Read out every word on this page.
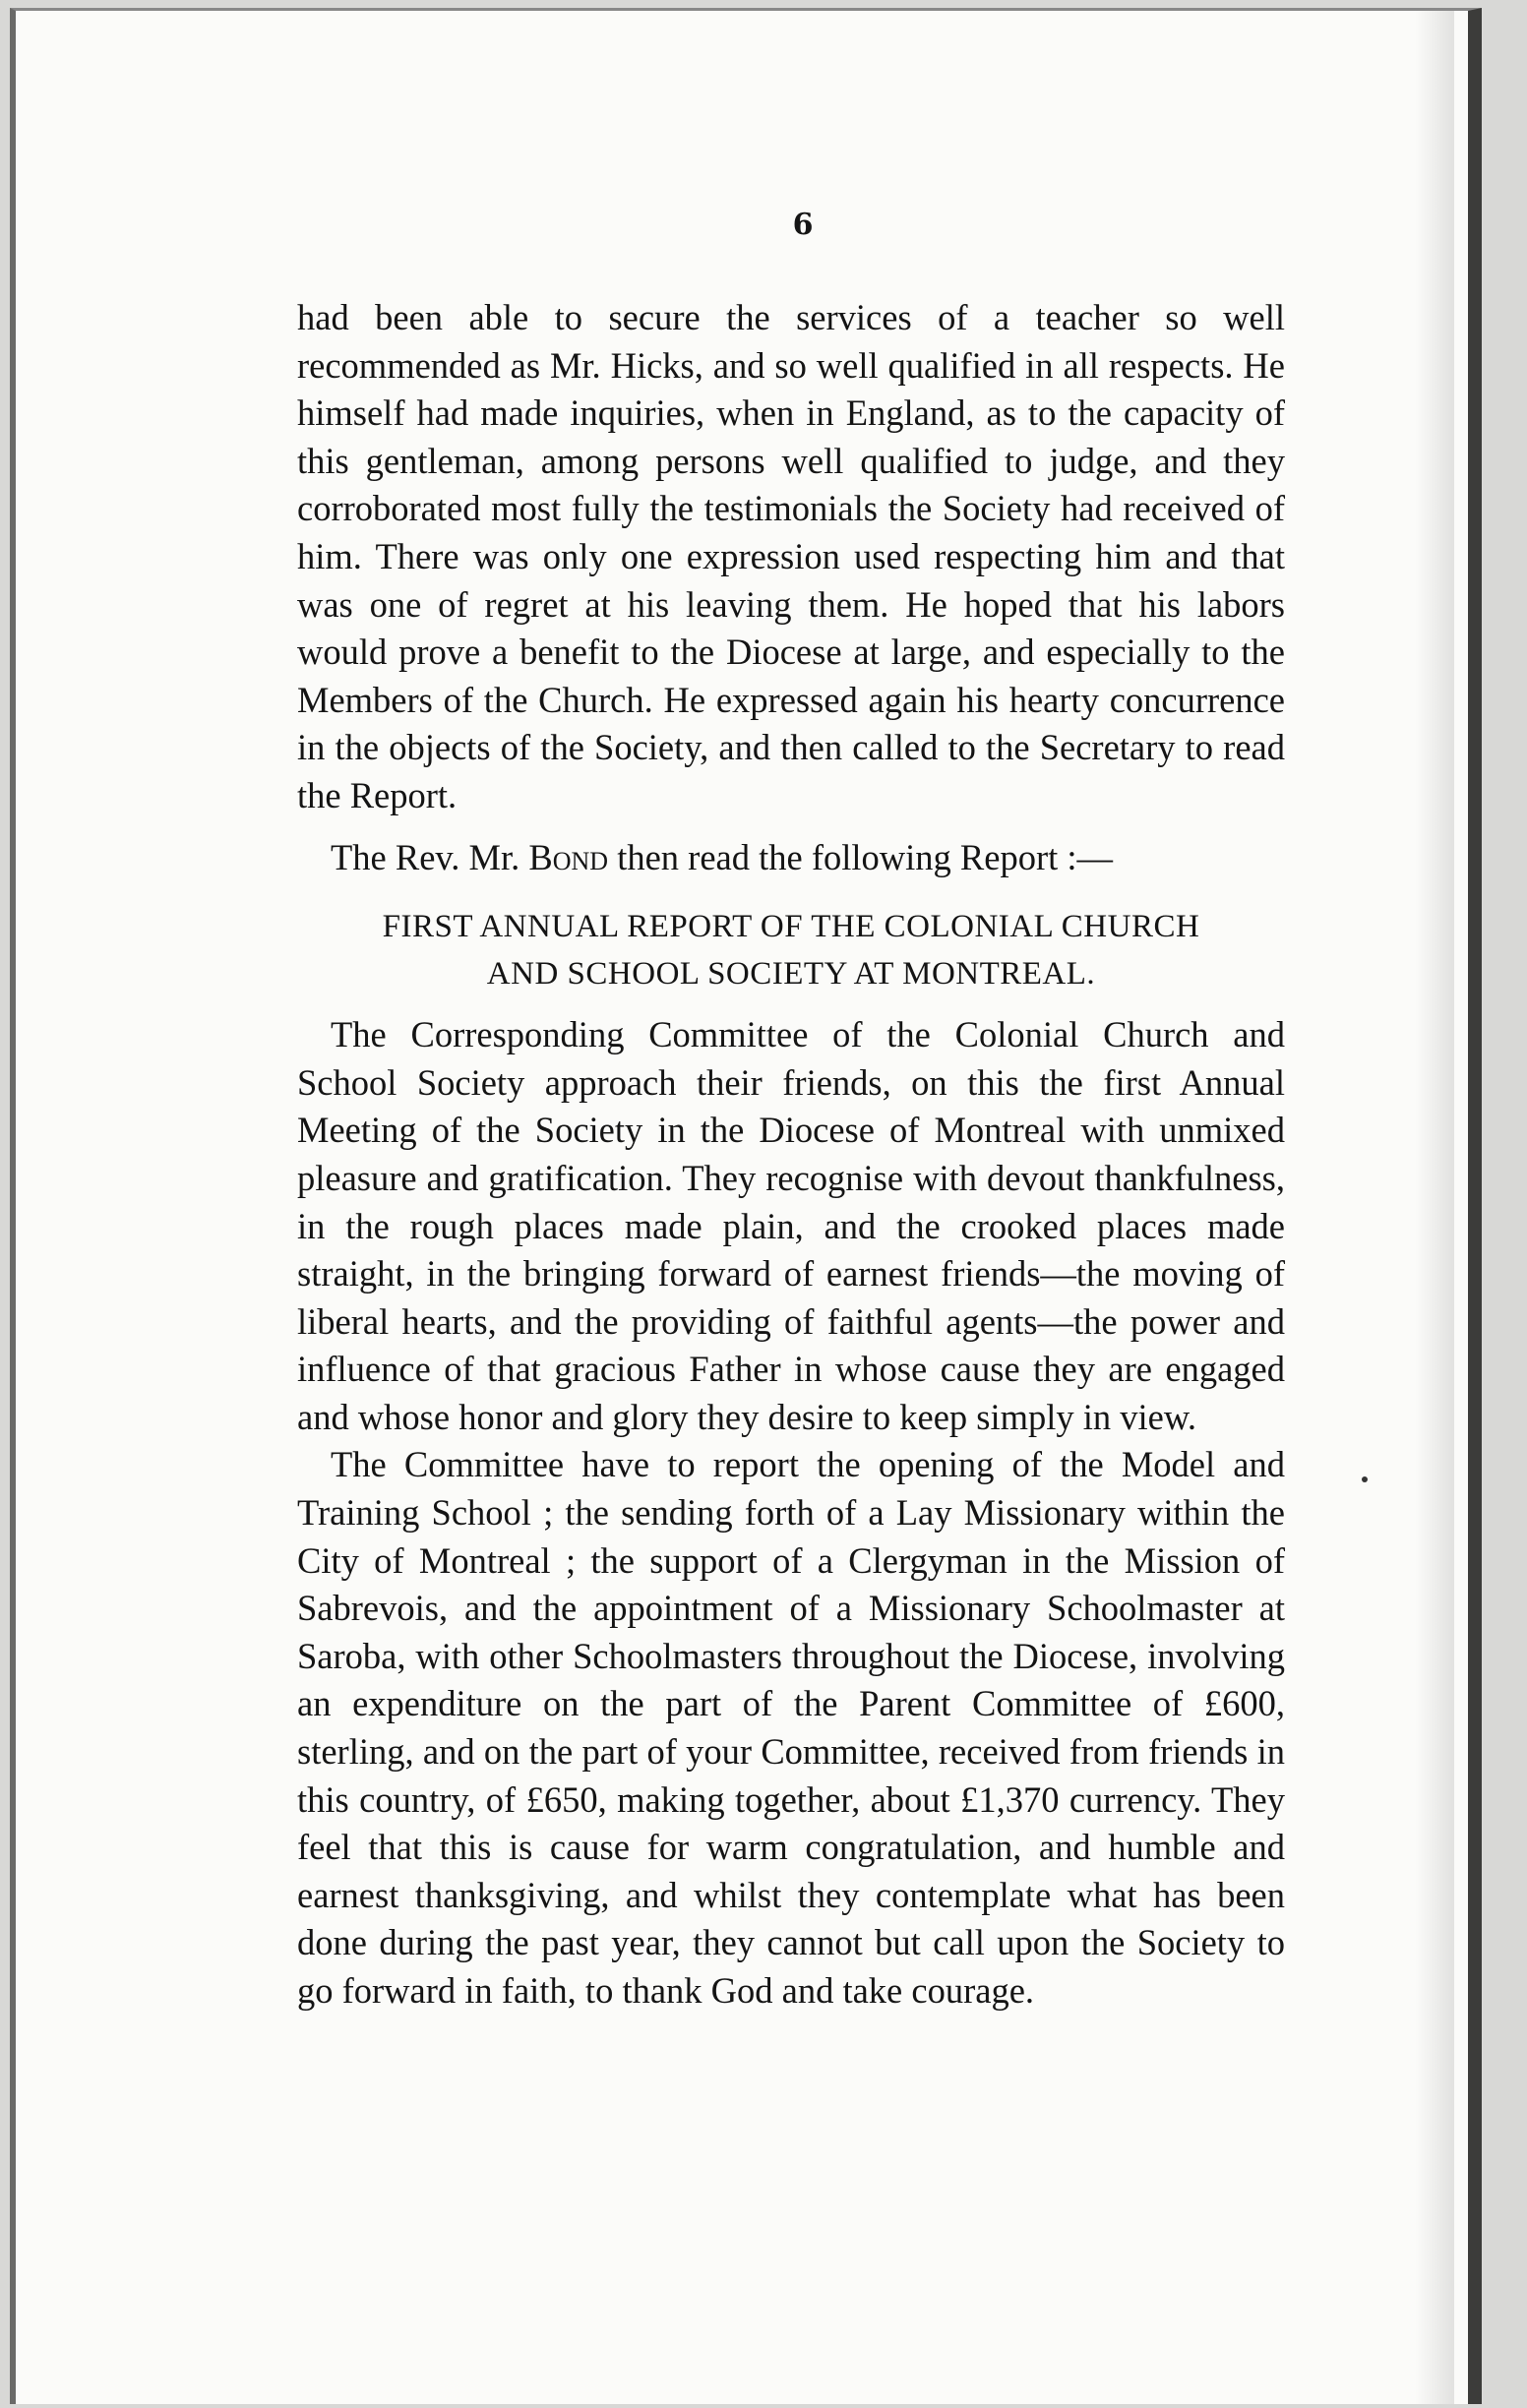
6

had been able to secure the services of a teacher so well recommended as Mr. Hicks, and so well qualified in all respects. He himself had made inquiries, when in England, as to the capacity of this gentleman, among persons well qualified to judge, and they corroborated most fully the testimonials the Society had received of him. There was only one expression used respecting him and that was one of regret at his leaving them. He hoped that his labors would prove a benefit to the Diocese at large, and especially to the Members of the Church. He expressed again his hearty concurrence in the objects of the Society, and then called to the Secretary to read the Report.

The Rev. Mr. Bond then read the following Report :—

FIRST ANNUAL REPORT OF THE COLONIAL CHURCH
AND SCHOOL SOCIETY AT MONTREAL.

The Corresponding Committee of the Colonial Church and School Society approach their friends, on this the first Annual Meeting of the Society in the Diocese of Montreal with unmixed pleasure and gratification. They recognise with devout thankfulness, in the rough places made plain, and the crooked places made straight, in the bringing forward of earnest friends—the moving of liberal hearts, and the providing of faithful agents—the power and influence of that gracious Father in whose cause they are engaged and whose honor and glory they desire to keep simply in view.

The Committee have to report the opening of the Model and Training School ; the sending forth of a Lay Missionary within the City of Montreal ; the support of a Clergyman in the Mission of Sabrevois, and the appointment of a Missionary Schoolmaster at Saroba, with other Schoolmasters throughout the Diocese, involving an expenditure on the part of the Parent Committee of £600, sterling, and on the part of your Committee, received from friends in this country, of £650, making together, about £1,370 currency. They feel that this is cause for warm congratulation, and humble and earnest thanksgiving, and whilst they contemplate what has been done during the past year, they cannot but call upon the Society to go forward in faith, to thank God and take courage.
